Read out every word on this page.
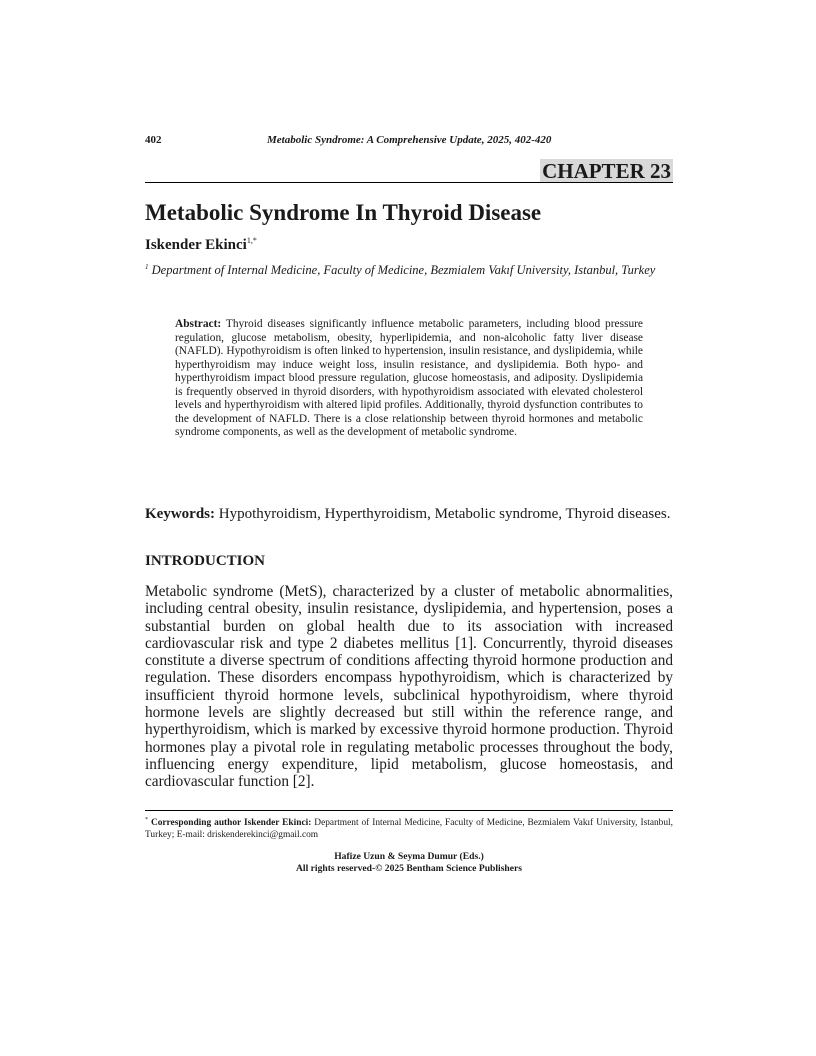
402	Metabolic Syndrome: A Comprehensive Update, 2025, 402-420
CHAPTER 23
Metabolic Syndrome In Thyroid Disease
Iskender Ekinci$^{1,*}$
$^1$ Department of Internal Medicine, Faculty of Medicine, Bezmialem Vakıf University, Istanbul, Turkey
Abstract: Thyroid diseases significantly influence metabolic parameters, including blood pressure regulation, glucose metabolism, obesity, hyperlipidemia, and non-alcoholic fatty liver disease (NAFLD). Hypothyroidism is often linked to hypertension, insulin resistance, and dyslipidemia, while hyperthyroidism may induce weight loss, insulin resistance, and dyslipidemia. Both hypo- and hyperthyroidism impact blood pressure regulation, glucose homeostasis, and adiposity. Dyslipidemia is frequently observed in thyroid disorders, with hypothyroidism associated with elevated cholesterol levels and hyperthyroidism with altered lipid profiles. Additionally, thyroid dysfunction contributes to the development of NAFLD. There is a close relationship between thyroid hormones and metabolic syndrome components, as well as the development of metabolic syndrome.
Keywords: Hypothyroidism, Hyperthyroidism, Metabolic syndrome, Thyroid diseases.
INTRODUCTION

Metabolic syndrome (MetS), characterized by a cluster of metabolic abnormalities, including central obesity, insulin resistance, dyslipidemia, and hypertension, poses a substantial burden on global health due to its association with increased cardiovascular risk and type 2 diabetes mellitus [1]. Concurrently, thyroid diseases constitute a diverse spectrum of conditions affecting thyroid hormone production and regulation. These disorders encompass hypothyroidism, which is characterized by insufficient thyroid hormone levels, subclinical hypothyroidism, where thyroid hormone levels are slightly decreased but still within the reference range, and hyperthyroidism, which is marked by excessive thyroid hormone production. Thyroid hormones play a pivotal role in regulating metabolic processes throughout the body, influencing energy expenditure, lipid metabolism, glucose homeostasis, and cardiovascular function [2].

* Corresponding author Iskender Ekinci: Department of Internal Medicine, Faculty of Medicine, Bezmialem Vakıf University, Istanbul, Turkey; E-mail: driskenderekinci@gmail.com
Hafize Uzun & Seyma Dumur (Eds.)
All rights reserved-© 2025 Bentham Science Publishers
